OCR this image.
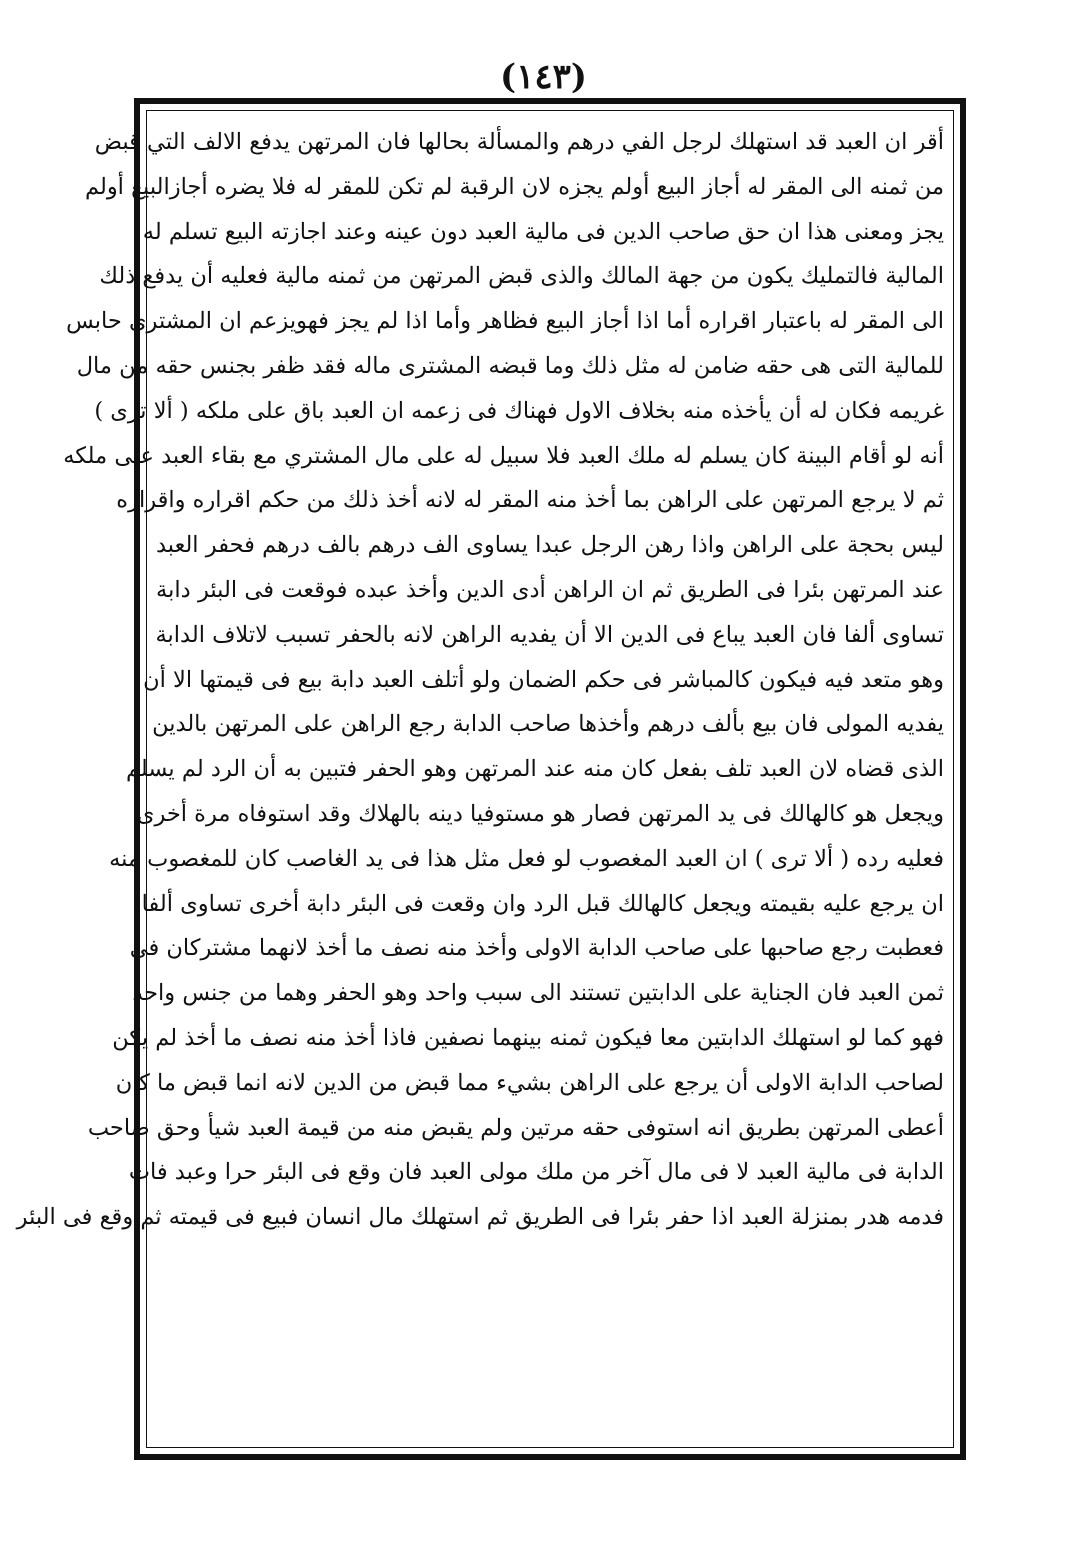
(١٤٣)
أقر ان العبد قد استهلك لرجل الفي درهم والمسألة بحالها فان المرتهن يدفع الالف التي قبض
من ثمنه الى المقر له أجاز البيع أولم يجزه لان الرقبة لم تكن للمقر له فلا يضره أجازالبيع أولم
يجز ومعنى هذا ان حق صاحب الدين فى مالية العبد دون عينه وعند اجازته البيع تسلم له
المالية فالتمليك يكون من جهة المالك والذى قبض المرتهن من ثمنه مالية فعليه أن يدفع ذلك
الى المقر له باعتبار اقراره أما اذا أجاز البيع فظاهر وأما اذا لم يجز فهويزعم ان المشترى حابس
للمالية التى هى حقه ضامن له مثل ذلك وما قبضه المشترى ماله فقد ظفر بجنس حقه من مال
غريمه فكان له أن يأخذه منه بخلاف الاول فهناك فى زعمه ان العبد باق على ملكه ( ألا ترى )
أنه لو أقام البينة كان يسلم له ملك العبد فلا سبيل له على مال المشتري مع بقاء العبد على ملكه
ثم لا يرجع المرتهن على الراهن بما أخذ منه المقر له لانه أخذ ذلك من حكم اقراره واقراره
ليس بحجة على الراهن واذا رهن الرجل عبدا يساوى الف درهم بالف درهم فحفر العبد
عند المرتهن بئرا فى الطريق ثم ان الراهن أدى الدين وأخذ عبده فوقعت فى البئر دابة
تساوى ألفا فان العبد يباع فى الدين الا أن يفديه الراهن لانه بالحفر تسبب لاتلاف الدابة
وهو متعد فيه فيكون كالمباشر فى حكم الضمان ولو أتلف العبد دابة بيع فى قيمتها الا أن
يفديه المولى فان بيع بألف درهم وأخذها صاحب الدابة رجع الراهن على المرتهن بالدين
الذى قضاه لان العبد تلف بفعل كان منه عند المرتهن وهو الحفر فتبين به أن الرد لم يسلم
ويجعل هو كالهالك فى يد المرتهن فصار هو مستوفيا دينه بالهلاك وقد استوفاه مرة أخرى
فعليه رده ( ألا ترى ) ان العبد المغصوب لو فعل مثل هذا فى يد الغاصب كان للمغصوب منه
ان يرجع عليه بقيمته ويجعل كالهالك قبل الرد وان وقعت فى البئر دابة أخرى تساوى ألفا
فعطبت رجع صاحبها على صاحب الدابة الاولى وأخذ منه نصف ما أخذ لانهما مشتركان فى
ثمن العبد فان الجناية على الدابتين تستند الى سبب واحد وهو الحفر وهما من جنس واحد
فهو كما لو استهلك الدابتين معا فيكون ثمنه بينهما نصفين فاذا أخذ منه نصف ما أخذ لم يكن
لصاحب الدابة الاولى أن يرجع على الراهن بشيء مما قبض من الدين لانه انما قبض ما كان
أعطى المرتهن بطريق انه استوفى حقه مرتين ولم يقبض منه من قيمة العبد شيأ وحق صاحب
الدابة فى مالية العبد لا فى مال آخر من ملك مولى العبد فان وقع فى البئر حرا وعبد فات
فدمه هدر بمنزلة العبد اذا حفر بئرا فى الطريق ثم استهلك مال انسان فبيع فى قيمته ثم وقع فى البئر
